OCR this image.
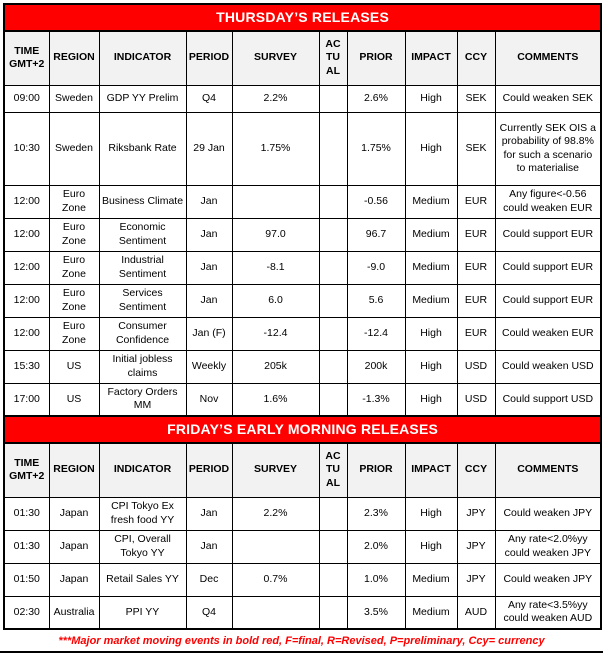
THURSDAY’S RELEASES									
TIME GMT+2	REGION	INDICATOR	PERIOD	SURVEY	ACTUAL	PRIOR	IMPACT	CCY	COMMENTS
09:00	Sweden	GDP YY Prelim	Q4	2.2%		2.6%	High	SEK	Could weaken SEK
10:30	Sweden	Riksbank Rate	29 Jan	1.75%		1.75%	High	SEK	Currently SEK OIS a probability of 98.8% for such a scenario to materialise
12:00	Euro Zone	Business Climate	Jan			-0.56	Medium	EUR	Any figure<-0.56 could weaken EUR
12:00	Euro Zone	Economic Sentiment	Jan	97.0		96.7	Medium	EUR	Could support EUR
12:00	Euro Zone	Industrial Sentiment	Jan	-8.1		-9.0	Medium	EUR	Could support EUR
12:00	Euro Zone	Services Sentiment	Jan	6.0		5.6	Medium	EUR	Could support EUR
12:00	Euro Zone	Consumer Confidence	Jan (F)	-12.4		-12.4	High	EUR	Could weaken EUR
15:30	US	Initial jobless claims	Weekly	205k		200k	High	USD	Could weaken USD
17:00	US	Factory Orders MM	Nov	1.6%		-1.3%	High	USD	Could support USD
FRIDAY’S EARLY MORNING RELEASES									
TIME GMT+2	REGION	INDICATOR	PERIOD	SURVEY	ACTUAL	PRIOR	IMPACT	CCY	COMMENTS
01:30	Japan	CPI Tokyo Ex fresh food YY	Jan	2.2%		2.3%	High	JPY	Could weaken JPY
01:30	Japan	CPI, Overall Tokyo YY	Jan			2.0%	High	JPY	Any rate<2.0%yy could weaken JPY
01:50	Japan	Retail Sales YY	Dec	0.7%		1.0%	Medium	JPY	Could weaken JPY
02:30	Australia	PPI YY	Q4			3.5%	Medium	AUD	Any rate<3.5%yy could weaken AUD
***Major market moving events in bold red, F=final, R=Revised, P=preliminary, Ccy= currency
